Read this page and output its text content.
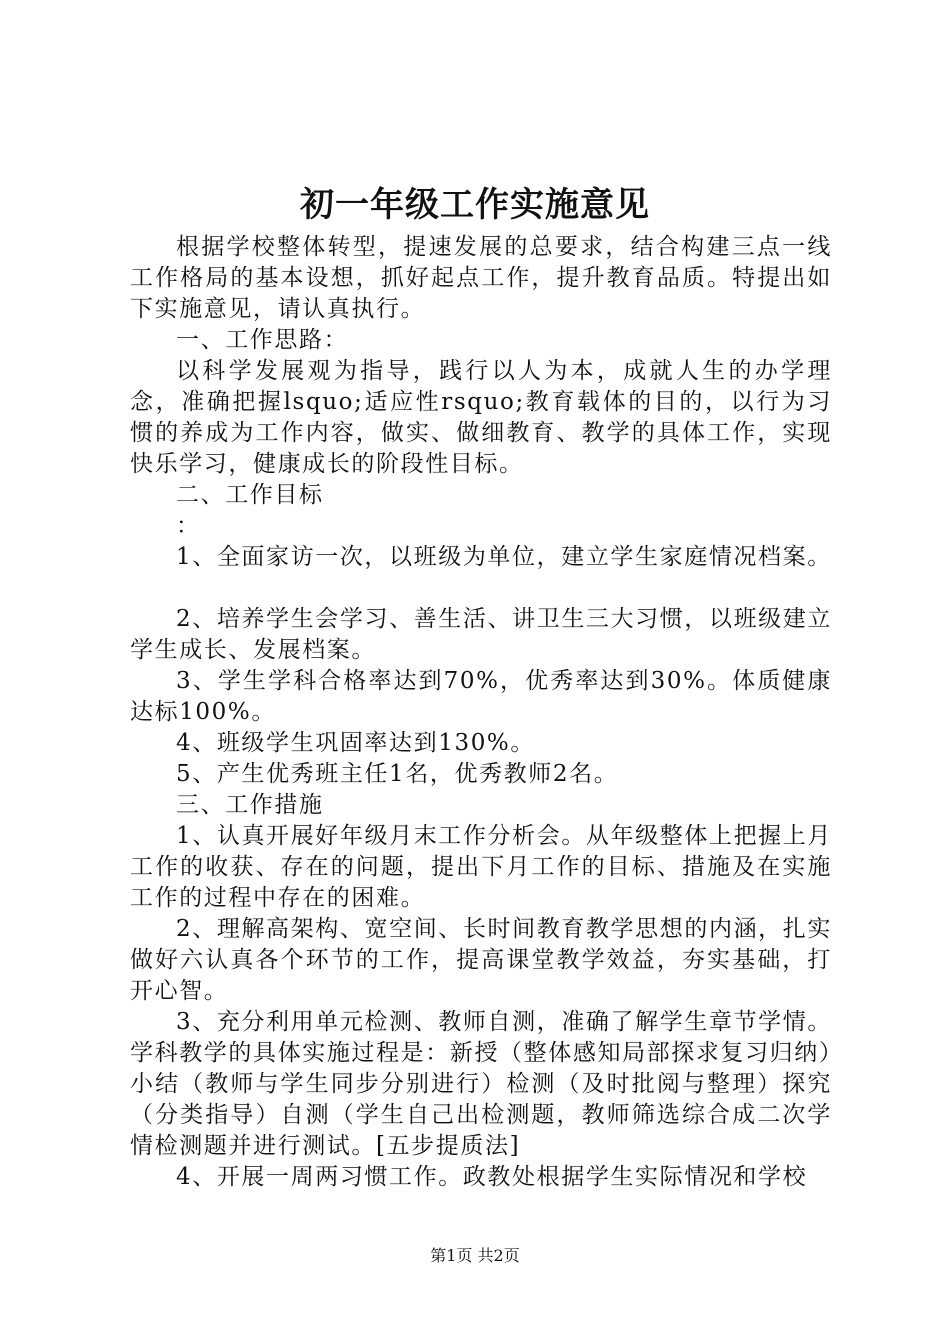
初一年级工作实施意见

根据学校整体转型，提速发展的总要求，结合构建三点一线工作格局的基本设想，抓好起点工作，提升教育品质。特提出如下实施意见，请认真执行。

一、工作思路：

以科学发展观为指导，践行以人为本，成就人生的办学理念，准确把握lsquo;适应性rsquo;教育载体的目的，以行为习惯的养成为工作内容，做实、做细教育、教学的具体工作，实现快乐学习，健康成长的阶段性目标。

二、工作目标

：

1、全面家访一次，以班级为单位，建立学生家庭情况档案。

2、培养学生会学习、善生活、讲卫生三大习惯，以班级建立学生成长、发展档案。

3、学生学科合格率达到70%，优秀率达到30%。体质健康达标100%。

4、班级学生巩固率达到130%。

5、产生优秀班主任1名，优秀教师2名。

三、工作措施

1、认真开展好年级月末工作分析会。从年级整体上把握上月工作的收获、存在的问题，提出下月工作的目标、措施及在实施工作的过程中存在的困难。

2、理解高架构、宽空间、长时间教育教学思想的内涵，扎实做好六认真各个环节的工作，提高课堂教学效益，夯实基础，打开心智。

3、充分利用单元检测、教师自测，准确了解学生章节学情。学科教学的具体实施过程是：新授（整体感知局部探求复习归纳）小结（教师与学生同步分别进行）检测（及时批阅与整理）探究（分类指导）自测（学生自己出检测题，教师筛选综合成二次学情检测题并进行测试。[五步提质法]

4、开展一周两习惯工作。政教处根据学生实际情况和学校

第1页 共2页
